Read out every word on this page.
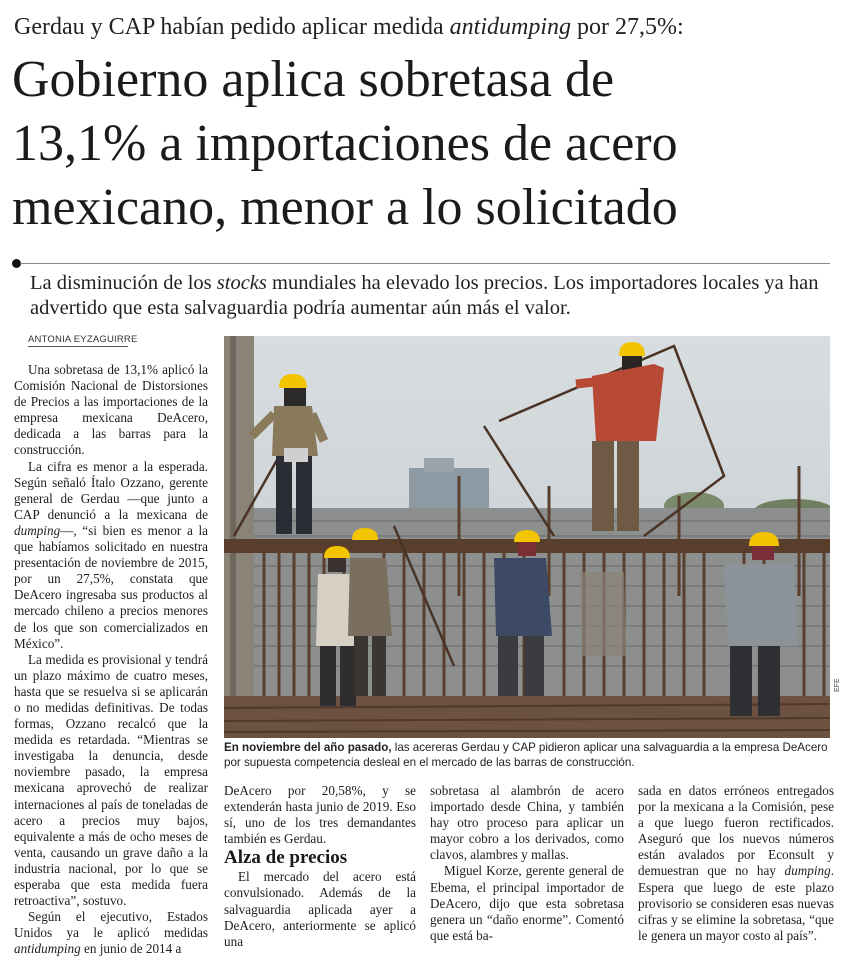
Gerdau y CAP habían pedido aplicar medida antidumping por 27,5%:
Gobierno aplica sobretasa de
13,1% a importaciones de acero
mexicano, menor a lo solicitado
La disminución de los stocks mundiales ha elevado los precios. Los importadores locales ya han advertido que esta salvaguardia podría aumentar aún más el valor.
ANTONIA EYZAGUIRRE

Una sobretasa de 13,1% aplicó la Comisión Nacional de Distorsiones de Precios a las importaciones de la empresa mexicana DeAcero, dedicada a las barras para la construcción.

La cifra es menor a la esperada. Según señaló Ítalo Ozzano, gerente general de Gerdau —que junto a CAP denunció a la mexicana de dumping—, “si bien es menor a la que habíamos solicitado en nuestra presentación de noviembre de 2015, por un 27,5%, constata que DeAcero ingresaba sus productos al mercado chileno a precios menores de los que son comercializados en México”.

La medida es provisional y tendrá un plazo máximo de cuatro meses, hasta que se resuelva si se aplicarán o no medidas definitivas. De todas formas, Ozzano recalcó que la medida es retardada. “Mientras se investigaba la denuncia, desde noviembre pasado, la empresa mexicana aprovechó de realizar internaciones al país de toneladas de acero a precios muy bajos, equivalente a más de ocho meses de venta, causando un grave daño a la industria nacional, por lo que se esperaba que esta medida fuera retroactiva”, sostuvo.

Según el ejecutivo, Estados Unidos ya le aplicó medidas antidumping en junio de 2014 a

EFE
En noviembre del año pasado, las acereras Gerdau y CAP pidieron aplicar una salvaguardia a la empresa DeAcero por supuesta competencia desleal en el mercado de las barras de construcción.

DeAcero por 20,58%, y se extenderán hasta junio de 2019. Eso sí, uno de los tres demandantes también es Gerdau.

Alza de precios

El mercado del acero está convulsionado. Además de la salvaguardia aplicada ayer a DeAcero, anteriormente se aplicó una

sobretasa al alambrón de acero importado desde China, y también hay otro proceso para aplicar un mayor cobro a los derivados, como clavos, alambres y mallas.

Miguel Korze, gerente general de Ebema, el principal importador de DeAcero, dijo que esta sobretasa genera un “daño enorme”. Comentó que está ba-

sada en datos erróneos entregados por la mexicana a la Comisión, pese a que luego fueron rectificados. Aseguró que los nuevos números están avalados por Econsult y demuestran que no hay dumping. Espera que luego de este plazo provisorio se consideren esas nuevas cifras y se elimine la sobretasa, “que le genera un mayor costo al país”.
